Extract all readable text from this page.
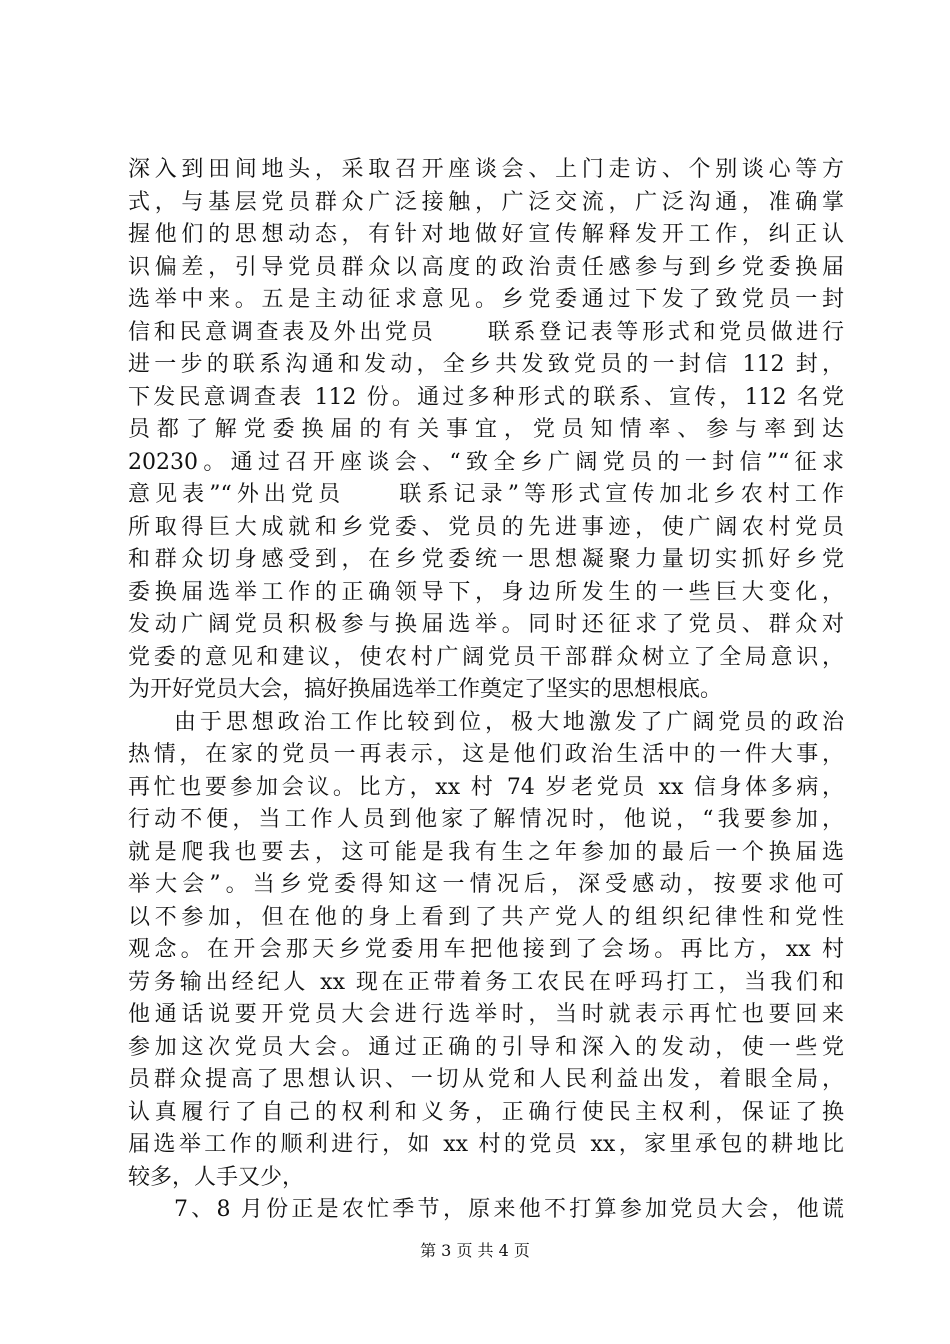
深入到田间地头，采取召开座谈会、上门走访、个别谈心等方
式，与基层党员群众广泛接触，广泛交流，广泛沟通，准确掌
握他们的思想动态，有针对地做好宣传解释发开工作，纠正认
识偏差，引导党员群众以高度的政治责任感参与到乡党委换届
选举中来。五是主动征求意见。乡党委通过下发了致党员一封
信和民意调查表及外出党员　　联系登记表等形式和党员做进行
进一步的联系沟通和发动，全乡共发致党员的一封信 112 封，
下发民意调查表 112 份。通过多种形式的联系、宣传，112 名党
员都了解党委换届的有关事宜，党员知情率、参与率到达
20230。通过召开座谈会、“致全乡广阔党员的一封信”“征求
意见表”“外出党员　　联系记录”等形式宣传加北乡农村工作
所取得巨大成就和乡党委、党员的先进事迹，使广阔农村党员
和群众切身感受到，在乡党委统一思想凝聚力量切实抓好乡党
委换届选举工作的正确领导下，身边所发生的一些巨大变化，
发动广阔党员积极参与换届选举。同时还征求了党员、群众对
党委的意见和建议，使农村广阔党员干部群众树立了全局意识，
为开好党员大会，搞好换届选举工作奠定了坚实的思想根底。
由于思想政治工作比较到位，极大地激发了广阔党员的政治
热情，在家的党员一再表示，这是他们政治生活中的一件大事，
再忙也要参加会议。比方，xx 村 74 岁老党员 xx 信身体多病，
行动不便，当工作人员到他家了解情况时，他说，“我要参加，
就是爬我也要去，这可能是我有生之年参加的最后一个换届选
举大会”。当乡党委得知这一情况后，深受感动，按要求他可
以不参加，但在他的身上看到了共产党人的组织纪律性和党性
观念。在开会那天乡党委用车把他接到了会场。再比方，xx 村
劳务输出经纪人 xx 现在正带着务工农民在呼玛打工，当我们和
他通话说要开党员大会进行选举时，当时就表示再忙也要回来
参加这次党员大会。通过正确的引导和深入的发动，使一些党
员群众提高了思想认识、一切从党和人民利益出发，着眼全局，
认真履行了自己的权利和义务，正确行使民主权利，保证了换
届选举工作的顺利进行，如 xx 村的党员 xx，家里承包的耕地比
较多，人手又少，
7、8 月份正是农忙季节，原来他不打算参加党员大会，他谎
第 3 页 共 4 页
